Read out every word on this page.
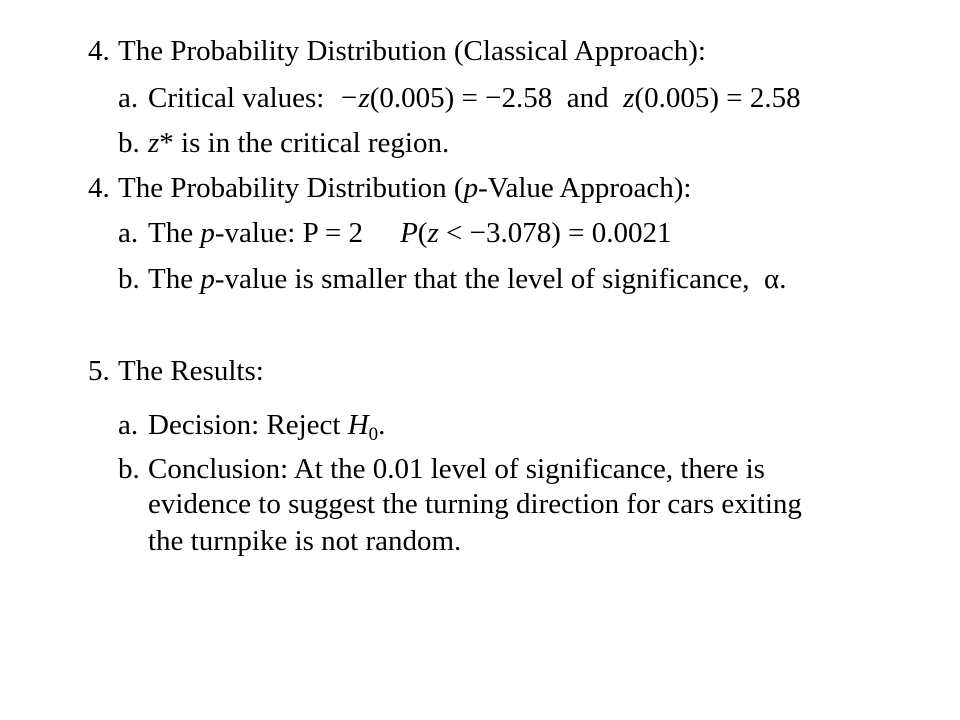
4. The Probability Distribution (Classical Approach):
a. Critical values: −z(0.005) = −2.58 and z(0.005) = 2.58
b. z* is in the critical region.
4. The Probability Distribution (p-Value Approach):
a. The p-value: P = 2 P(z < −3.078) = 0.0021
b. The p-value is smaller that the level of significance, α.
5. The Results:
a. Decision: Reject $H_0$.
b. Conclusion: At the 0.01 level of significance, there is
evidence to suggest the turning direction for cars exiting
the turnpike is not random.
